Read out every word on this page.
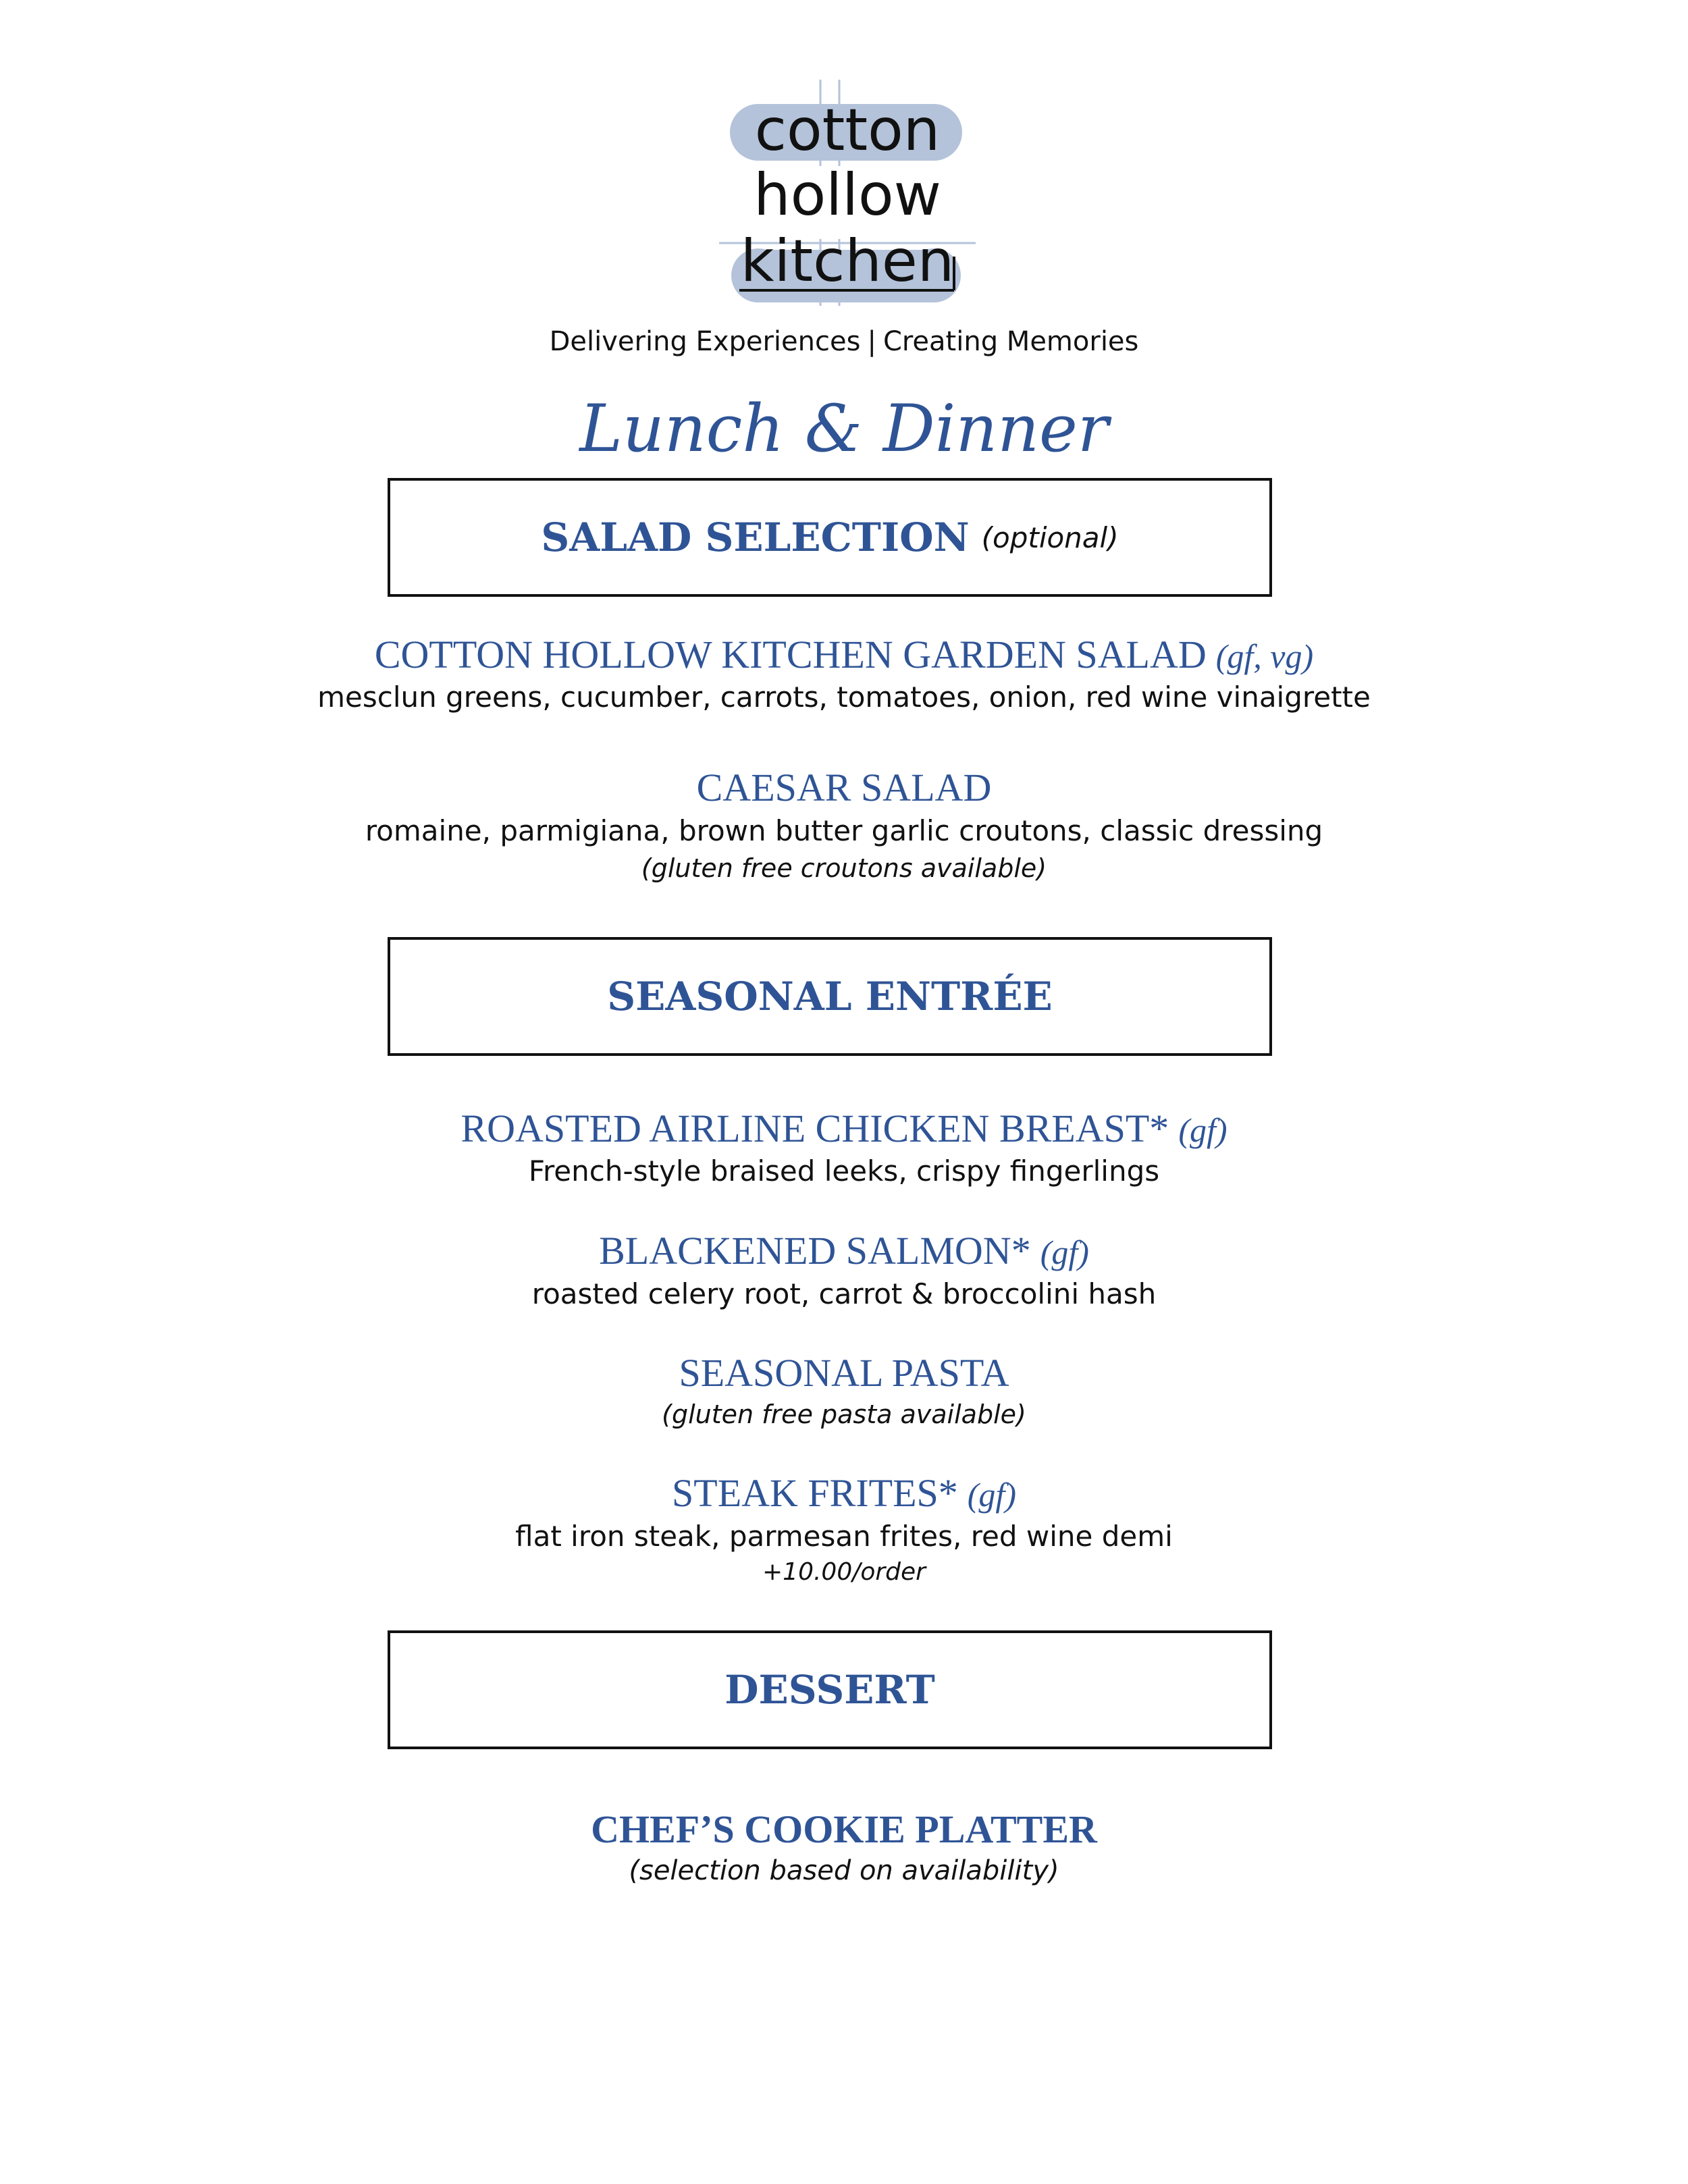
cotton
hollow
kitchen
Delivering Experiences | Creating Memories
Lunch & Dinner
SALAD SELECTION (optional)
COTTON HOLLOW KITCHEN GARDEN SALAD (gf, vg)
mesclun greens, cucumber, carrots, tomatoes, onion, red wine vinaigrette
CAESAR SALAD
romaine, parmigiana, brown butter garlic croutons, classic dressing
(gluten free croutons available)
SEASONAL ENTRÉE
ROASTED AIRLINE CHICKEN BREAST* (gf)
French-style braised leeks, crispy fingerlings
BLACKENED SALMON* (gf)
roasted celery root, carrot & broccolini hash
SEASONAL PASTA
(gluten free pasta available)
STEAK FRITES* (gf)
flat iron steak, parmesan frites, red wine demi
+10.00/order
DESSERT
CHEF’S COOKIE PLATTER
(selection based on availability)
